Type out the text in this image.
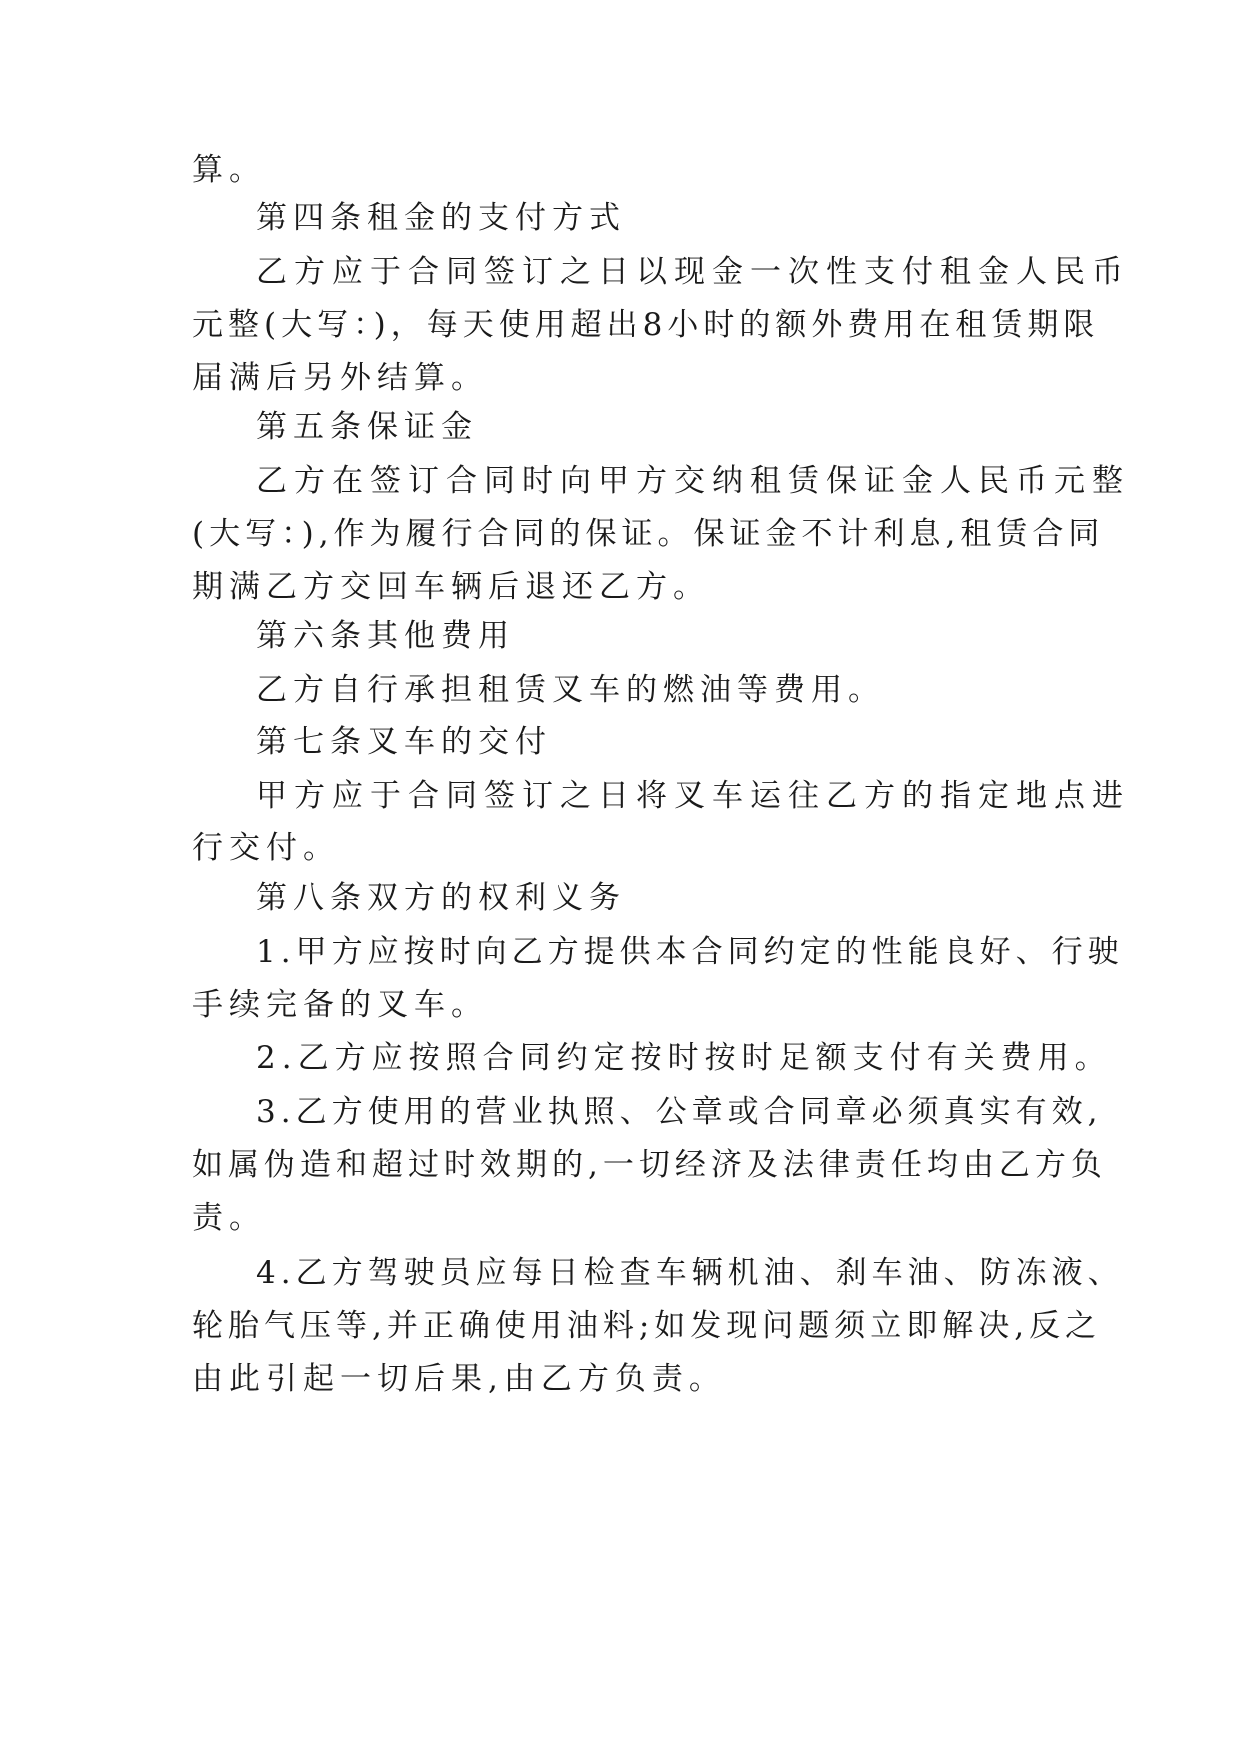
算。
第四条租金的支付方式
乙方应于合同签订之日以现金一次性支付租金人民币
元整(大写：)，每天使用超出8小时的额外费用在租赁期限
届满后另外结算。
第五条保证金
乙方在签订合同时向甲方交纳租赁保证金人民币元整
(大写：),作为履行合同的保证。保证金不计利息,租赁合同
期满乙方交回车辆后退还乙方。
第六条其他费用
乙方自行承担租赁叉车的燃油等费用。
第七条叉车的交付
甲方应于合同签订之日将叉车运往乙方的指定地点进
行交付。
第八条双方的权利义务
1.甲方应按时向乙方提供本合同约定的性能良好、行驶
手续完备的叉车。
2.乙方应按照合同约定按时按时足额支付有关费用。
3.乙方使用的营业执照、公章或合同章必须真实有效,
如属伪造和超过时效期的,一切经济及法律责任均由乙方负
责。
4.乙方驾驶员应每日检查车辆机油、刹车油、防冻液、
轮胎气压等,并正确使用油料;如发现问题须立即解决,反之
由此引起一切后果,由乙方负责。
